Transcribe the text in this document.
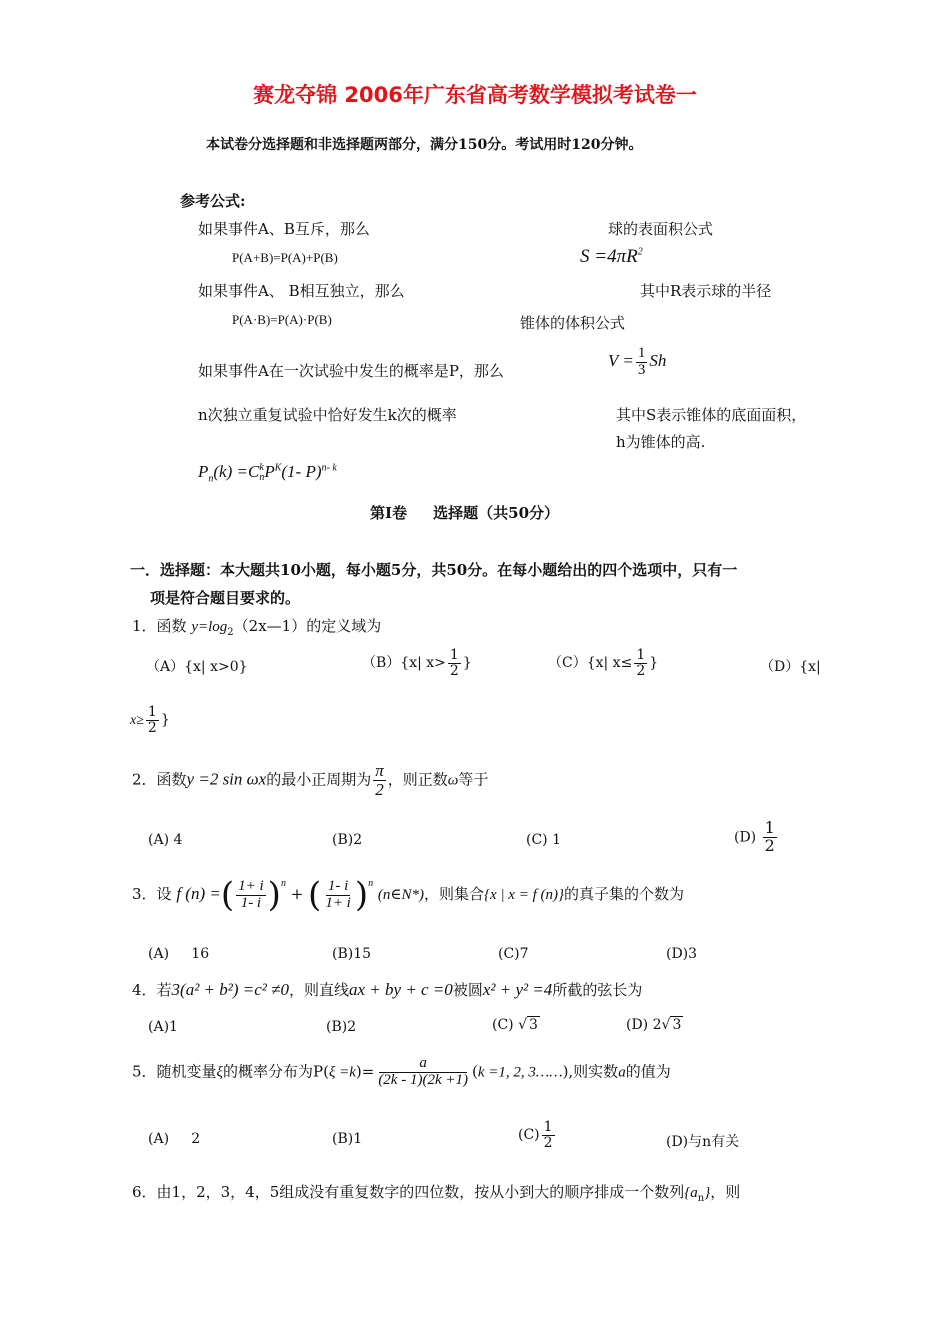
赛龙夺锦 2006年广东省高考数学模拟考试卷一
本试卷分选择题和非选择题两部分，满分150分。考试用时120分钟。
参考公式:
如果事件A、B互斥，那么
P(A+B)=P(A)+P(B)
如果事件A、 B相互独立，那么
P(A·B)=P(A)·P(B)
如果事件A在一次试验中发生的概率是P，那么
n次独立重复试验中恰好发生k次的概率
$P_n(k) =C$ k
n $P^K(1-$ P)$^{n- k}$
球的表面积公式
$S =4\pi R^2$
其中R表示球的半径
锥体的体积公式
$V = \frac{1}{3}$ Sh
其中S表示锥体的底面面积，
h为锥体的高.
第Ⅰ卷     选择题（共50分）
一．选择题：本大题共10小题，每小题5分，共50分。在每小题给出的四个选项中，只有一
项是符合题目要求的。
1．函数 $y=\log_2(2x—1)$的定义域为
（A）{x| x>0}	（B）{x| $x> \frac{1}{2}$ }	（C）{x| $x\le \frac{1}{2}$ }	（D）{x|
$x\ge \frac{1}{2}$ }
2．函数y =2 sin ωx的最小正周期为 $\frac{\pi}{2}$ ，则正数ω等于
(A) 4	(B)2	(C) 1	$(D) \frac{1}{2}$
3．设 f (n) =( $\frac{1+ i}{1- i} )^n$ + ( $\frac{1- i}{1+ i} )^n$ (n∈N*)，则集合{x | x = f (n)}的真子集的个数为
(A)     16	(B)15	(C)7	(D)3
4．若3(a² + b²) =c² ≠0，则直线ax + by + c =0被圆x² + y² =4所截的弦长为
(A)1	(B)2	(C) √ 3	(D) 2√ 3
5．随机变量ξ的概率分布为$P(\xi =k)= \frac{a}{(2k - 1)(2k +1)} (k =1$, 2, 3……),则实数a的值为
(A)     2	(B)1	$(C) \frac{1}{2}$	(D)与n有关
6．由1，2，3，4，5组成没有重复数字的四位数，按从小到大的顺序排成一个数列$\{a_n\}$，则
